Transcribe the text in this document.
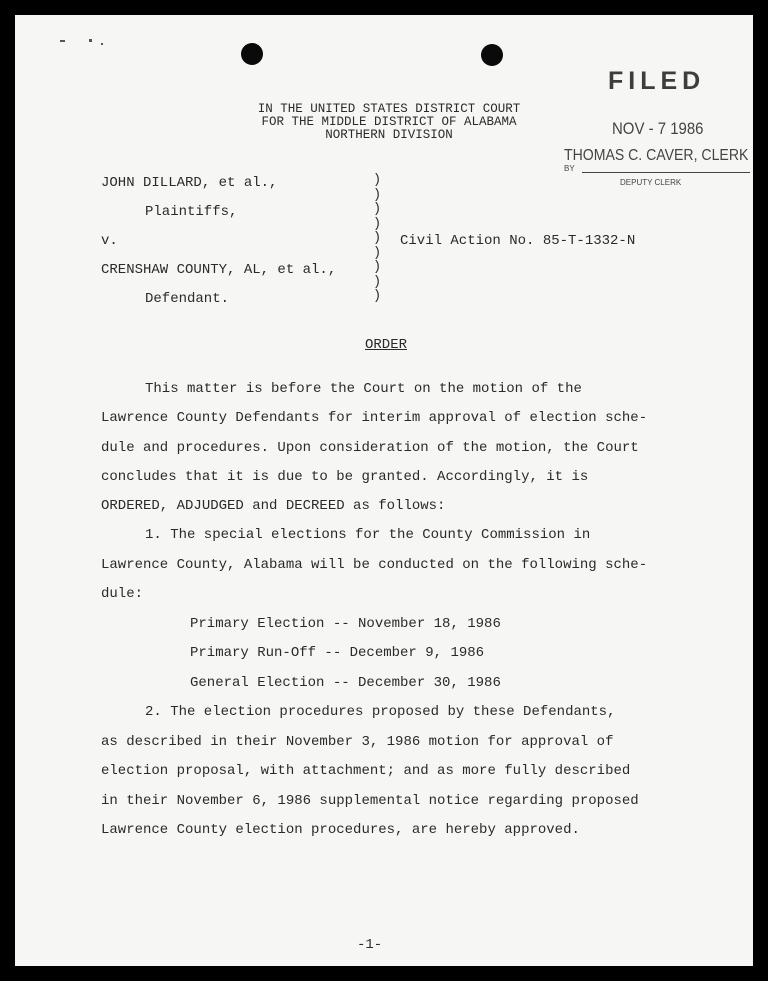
IN THE UNITED STATES DISTRICT COURT
FOR THE MIDDLE DISTRICT OF ALABAMA
NORTHERN DIVISION
FILED
NOV - 7 1986
THOMAS C. CAVER, CLERK
BY
DEPUTY CLERK
JOHN DILLARD, et al.,
Plaintiffs,
v.
CRENSHAW COUNTY, AL, et al.,
Defendant.
)
)
)
)
)
)
)
)
)
Civil Action No. 85-T-1332-N
ORDER
This matter is before the Court on the motion of the
Lawrence County Defendants for interim approval of election sche-
dule and procedures. Upon consideration of the motion, the Court
concludes that it is due to be granted. Accordingly, it is
ORDERED, ADJUDGED and DECREED as follows:
1. The special elections for the County Commission in
Lawrence County, Alabama will be conducted on the following sche-
dule:
Primary Election -- November 18, 1986
Primary Run-Off -- December 9, 1986
General Election -- December 30, 1986
2. The election procedures proposed by these Defendants,
as described in their November 3, 1986 motion for approval of
election proposal, with attachment; and as more fully described
in their November 6, 1986 supplemental notice regarding proposed
Lawrence County election procedures, are hereby approved.
-1-
